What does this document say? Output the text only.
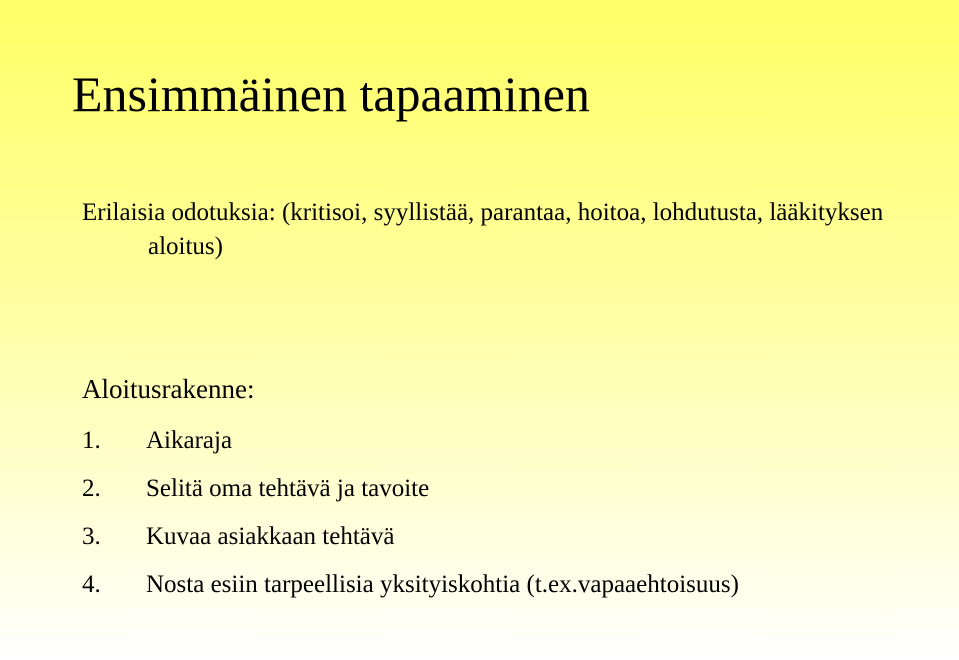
Ensimmäinen tapaaminen

Erilaisia odotuksia: (kritisoi, syyllistää, parantaa, hoitoa, lohdutusta, lääkityksen aloitus)

Aloitusrakenne:

1.	Aikaraja
2.	Selitä oma tehtävä ja tavoite
3.	Kuvaa asiakkaan tehtävä
4.	Nosta esiin tarpeellisia yksityiskohtia (t.ex.vapaaehtoisuus)
